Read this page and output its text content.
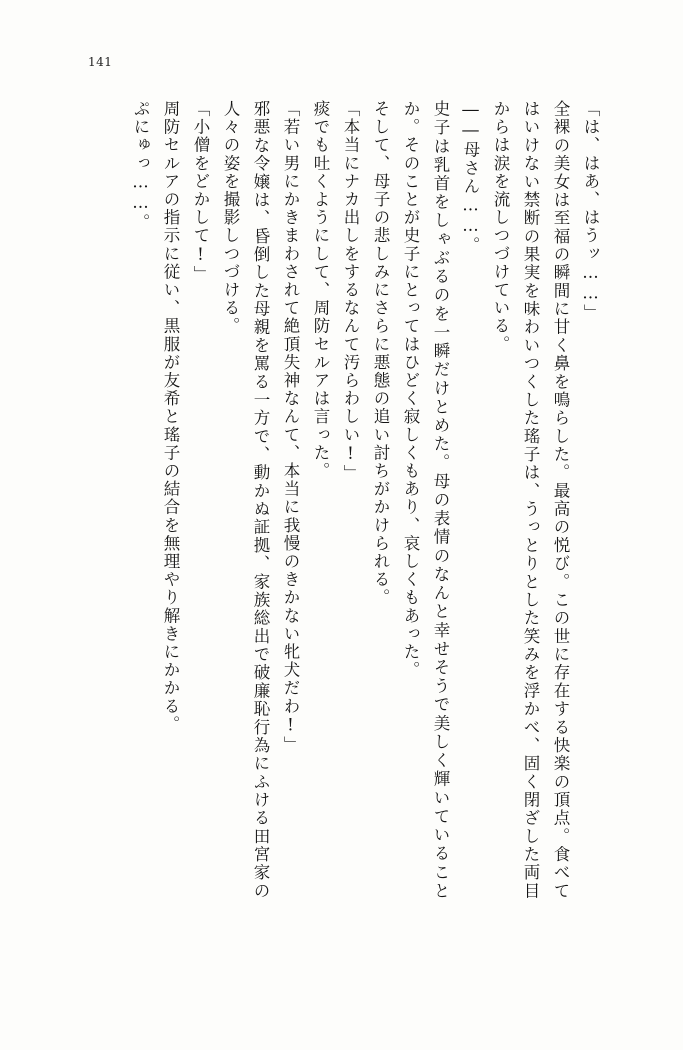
141

「は、はあ、はうッ……」

全裸の美女は至福の瞬間に甘く鼻を鳴らした。最高の悦び。この世に存在する快楽の頂点。食べてはいけない禁断の果実を味わいつくした瑤子は、うっとりとした笑みを浮かべ、固く閉ざした両目からは涙を流しつづけている。

――母さん……。

史子は乳首をしゃぶるのを一瞬だけとめた。母の表情のなんと幸せそうで美しく輝いていることか。そのことが史子にとってはひどく寂しくもあり、哀しくもあった。

そして、母子の悲しみにさらに悪態の追い討ちがかけられる。

「本当にナカ出しをするなんて汚らわしい!」

痰でも吐くようにして、周防セルアは言った。

「若い男にかきまわされて絶頂失神なんて、本当に我慢のきかない牝犬だわ!」

邪悪な令嬢は、昏倒した母親を罵る一方で、動かぬ証拠、家族総出で破廉恥行為にふける田宮家の人々の姿を撮影しつづける。

「小僧をどかして!」

周防セルアの指示に従い、黒服が友希と瑤子の結合を無理やり解きにかかる。

ぷにゅっ……。
